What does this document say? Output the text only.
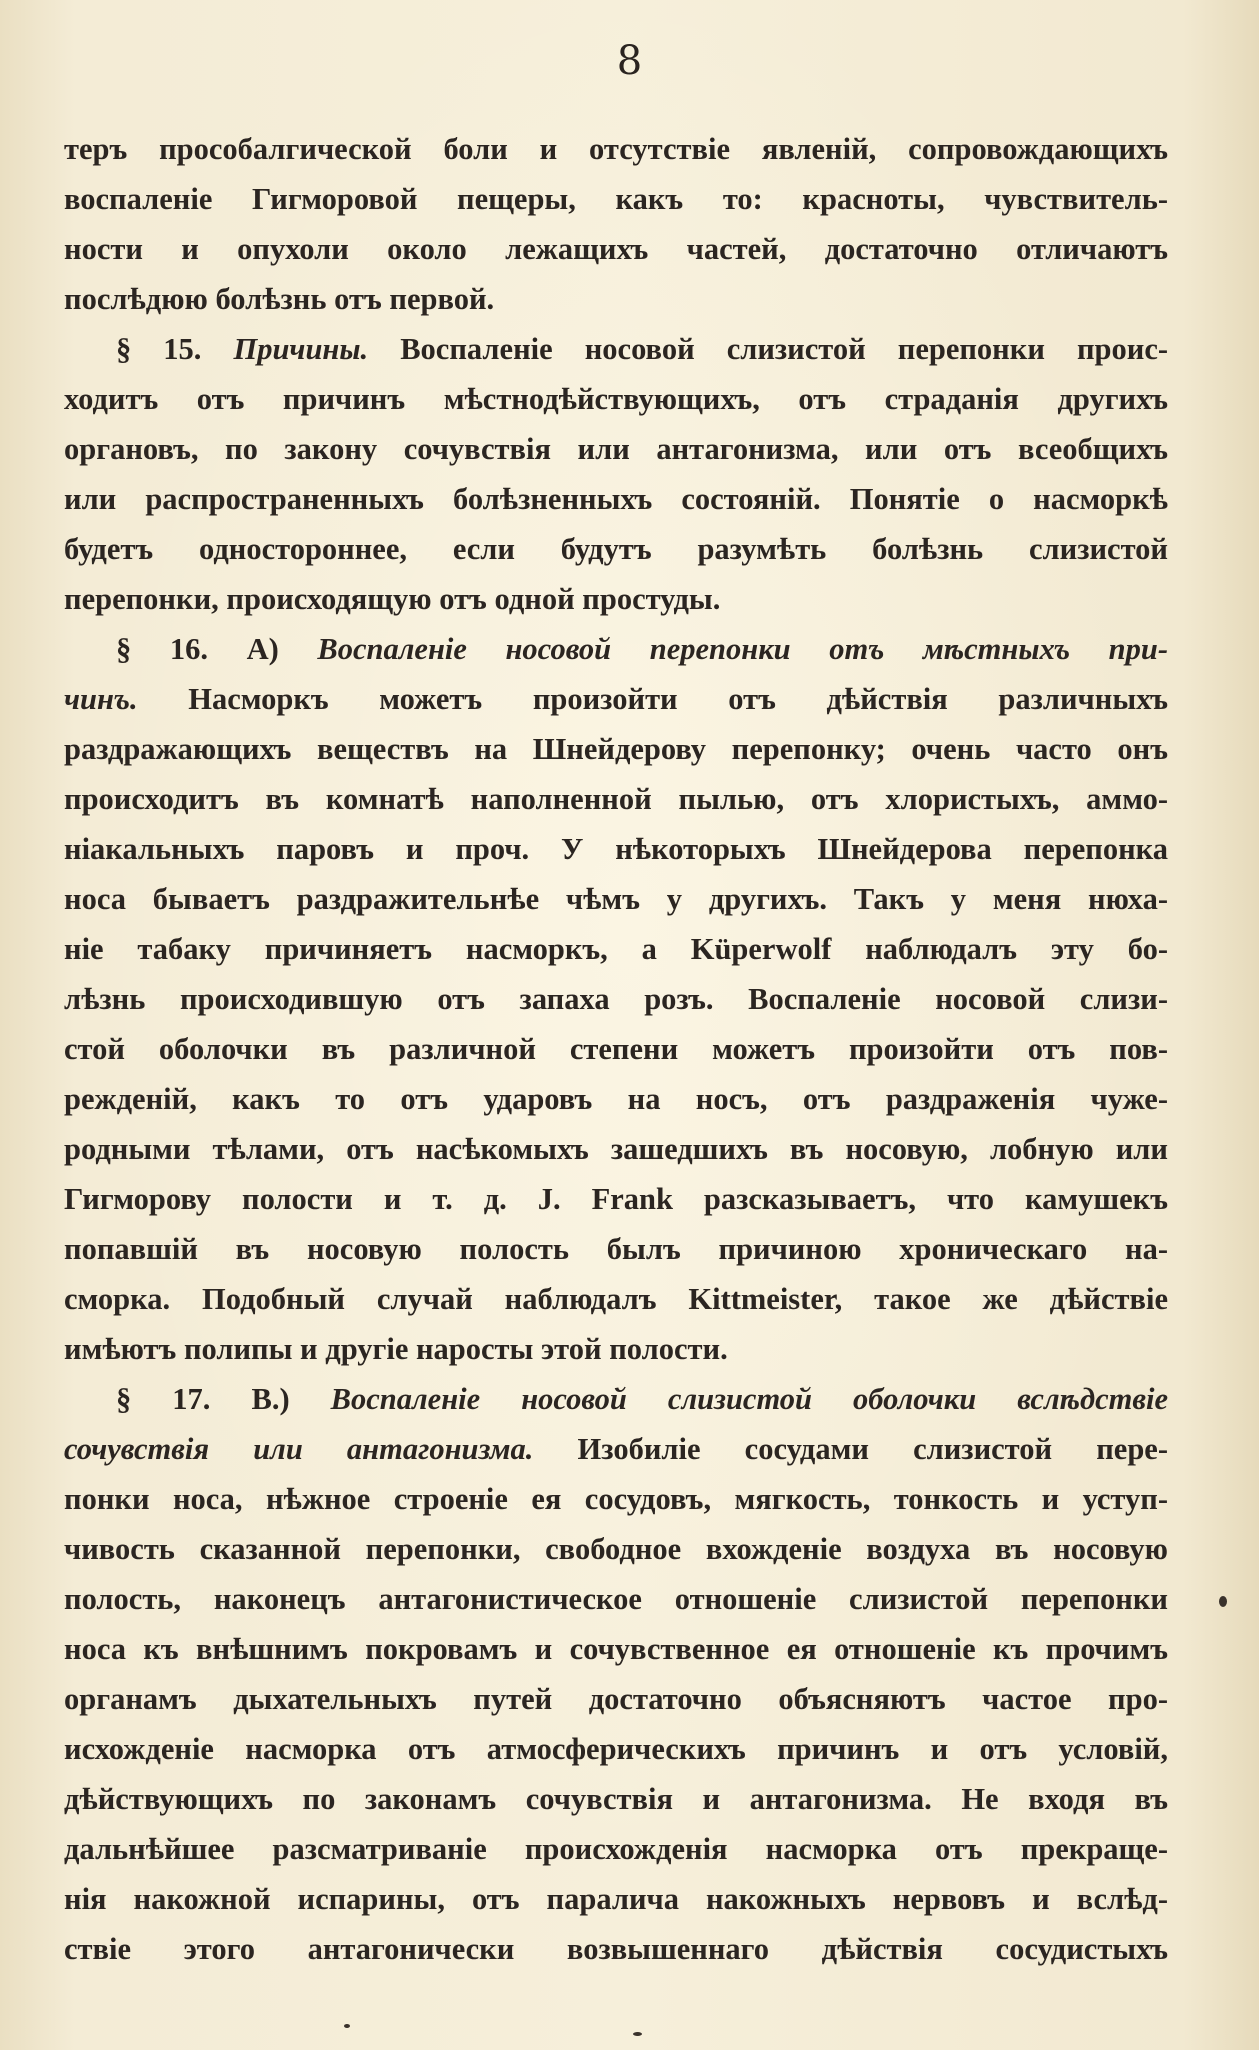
8
теръ прособалгической боли и отсутствіе явленій, сопровождающихъ
воспаленіе Гигморовой пещеры, какъ то: красноты, чувствитель-
ности и опухоли около лежащихъ частей, достаточно отличаютъ
послѣдюю болѣзнь отъ первой.
§ 15. Причины. Воспаленіе носовой слизистой перепонки проис-
ходитъ отъ причинъ мѣстнодѣйствующихъ, отъ страданія другихъ
органовъ, по закону сочувствія или антагонизма, или отъ всеобщихъ
или распространенныхъ болѣзненныхъ состояній. Понятіе о насморкѣ
будетъ одностороннее, если будутъ разумѣть болѣзнь слизистой
перепонки, происходящую отъ одной простуды.
§ 16. А) Воспаленіе носовой перепонки отъ мѣстныхъ при-
чинъ. Насморкъ можетъ произойти отъ дѣйствія различныхъ
раздражающихъ веществъ на Шнейдерову перепонку; очень часто онъ
происходитъ въ комнатѣ наполненной пылью, отъ хлористыхъ, аммо-
ніакальныхъ паровъ и проч. У нѣкоторыхъ Шнейдерова перепонка
носа бываетъ раздражительнѣе чѣмъ у другихъ. Такъ у меня нюха-
ніе табаку причиняетъ насморкъ, а Küperwolf наблюдалъ эту бо-
лѣзнь происходившую отъ запаха розъ. Воспаленіе носовой слизи-
стой оболочки въ различной степени можетъ произойти отъ пов-
режденій, какъ то отъ ударовъ на носъ, отъ раздраженія чуже-
родными тѣлами, отъ насѣкомыхъ зашедшихъ въ носовую, лобную или
Гигморову полости и т. д. J. Frank разсказываетъ, что камушекъ
попавшій въ носовую полость былъ причиною хроническаго на-
сморка. Подобный случай наблюдалъ Kittmeister, такое же дѣйствіе
имѣютъ полипы и другіе наросты этой полости.
§ 17. В.) Воспаленіе носовой слизистой оболочки вслѣдствіе
сочувствія или антагонизма. Изобиліе сосудами слизистой пере-
понки носа, нѣжное строеніе ея сосудовъ, мягкость, тонкость и уступ-
чивость сказанной перепонки, свободное вхожденіе воздуха въ носовую
полость, наконецъ антагонистическое отношеніе слизистой перепонки
носа къ внѣшнимъ покровамъ и сочувственное ея отношеніе къ прочимъ
органамъ дыхательныхъ путей достаточно объясняютъ частое про-
исхожденіе насморка отъ атмосферическихъ причинъ и отъ условій,
дѣйствующихъ по законамъ сочувствія и антагонизма. Не входя въ
дальнѣйшее разсматриваніе происхожденія насморка отъ прекраще-
нія накожной испарины, отъ паралича накожныхъ нервовъ и вслѣд-
ствіе этого антагонически возвышеннаго дѣйствія сосудистыхъ
